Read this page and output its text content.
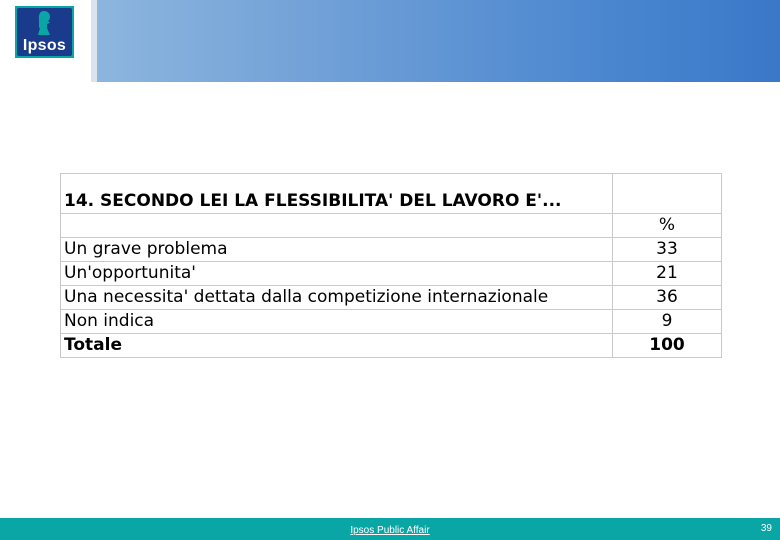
Ipsos
14. SECONDO LEI LA FLESSIBILITA' DEL LAVORO E'...	
	%
Un grave problema	33
Un'opportunita'	21
Una necessita' dettata dalla competizione internazionale	36
Non indica	9
Totale	100
Ipsos Public Affair	39
